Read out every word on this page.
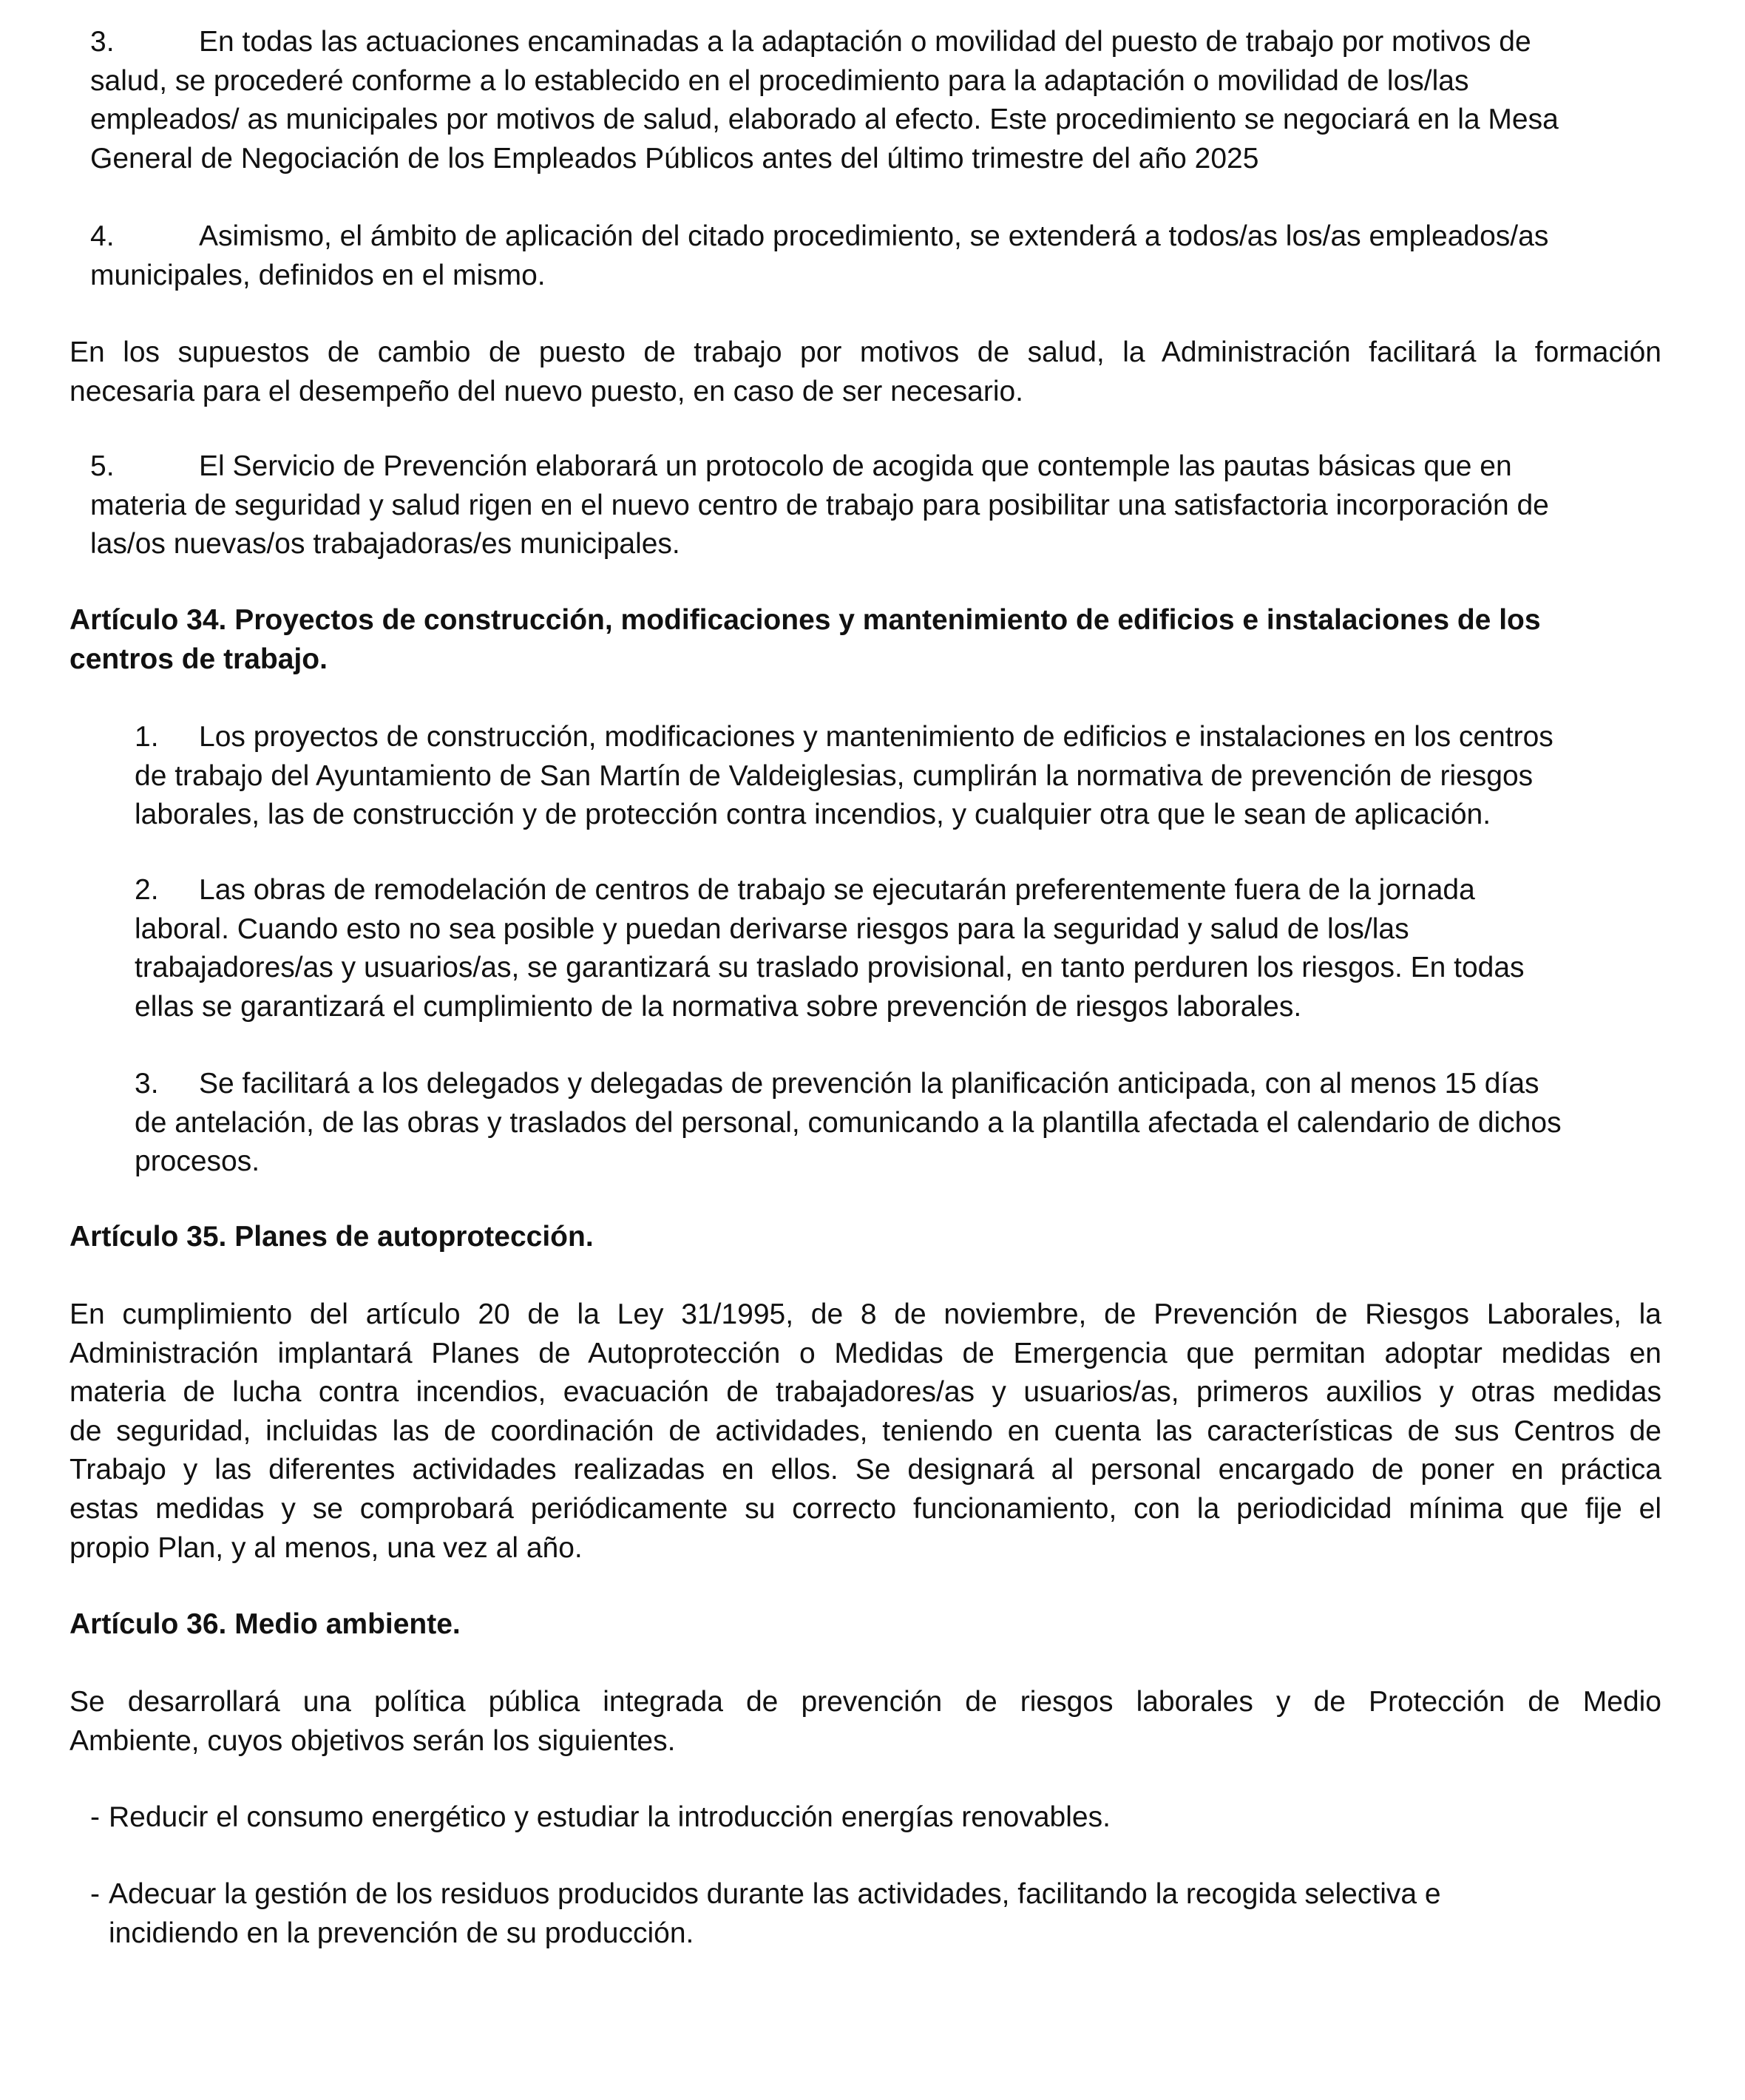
3.	En todas las actuaciones encaminadas a la adaptación o movilidad del puesto de trabajo por motivos de
salud, se procederé conforme a lo establecido en el procedimiento para la adaptación o movilidad de los/las
empleados/ as municipales por motivos de salud, elaborado al efecto. Este procedimiento se negociará en la Mesa
General de Negociación de los Empleados Públicos antes del último trimestre del año 2025
4.	Asimismo, el ámbito de aplicación del citado procedimiento, se extenderá a todos/as los/as empleados/as
municipales, definidos en el mismo.
En los supuestos de cambio de puesto de trabajo por motivos de salud, la Administración facilitará la formación
necesaria para el desempeño del nuevo puesto, en caso de ser necesario.
5.	El Servicio de Prevención elaborará un protocolo de acogida que contemple las pautas básicas que en
materia de seguridad y salud rigen en el nuevo centro de trabajo para posibilitar una satisfactoria incorporación de
las/os nuevas/os trabajadoras/es municipales.
Artículo 34. Proyectos de construcción, modificaciones y mantenimiento de edificios e instalaciones de los
centros de trabajo.
1. Los proyectos de construcción, modificaciones y mantenimiento de edificios e instalaciones en los centros
de trabajo del Ayuntamiento de San Martín de Valdeiglesias, cumplirán la normativa de prevención de riesgos
laborales, las de construcción y de protección contra incendios, y cualquier otra que le sean de aplicación.
2. Las obras de remodelación de centros de trabajo se ejecutarán preferentemente fuera de la jornada
laboral. Cuando esto no sea posible y puedan derivarse riesgos para la seguridad y salud de los/las
trabajadores/as y usuarios/as, se garantizará su traslado provisional, en tanto perduren los riesgos. En todas
ellas se garantizará el cumplimiento de la normativa sobre prevención de riesgos laborales.
3. Se facilitará a los delegados y delegadas de prevención la planificación anticipada, con al menos 15 días
de antelación, de las obras y traslados del personal, comunicando a la plantilla afectada el calendario de dichos
procesos.
Artículo 35. Planes de autoprotección.
En cumplimiento del artículo 20 de la Ley 31/1995, de 8 de noviembre, de Prevención de Riesgos Laborales, la
Administración implantará Planes de Autoprotección o Medidas de Emergencia que permitan adoptar medidas en
materia de lucha contra incendios, evacuación de trabajadores/as y usuarios/as, primeros auxilios y otras medidas
de seguridad, incluidas las de coordinación de actividades, teniendo en cuenta las características de sus Centros de
Trabajo y las diferentes actividades realizadas en ellos. Se designará al personal encargado de poner en práctica
estas medidas y se comprobará periódicamente su correcto funcionamiento, con la periodicidad mínima que fije el
propio Plan, y al menos, una vez al año.
Artículo 36. Medio ambiente.
Se desarrollará una política pública integrada de prevención de riesgos laborales y de Protección de Medio
Ambiente, cuyos objetivos serán los siguientes.
- Reducir el consumo energético y estudiar la introducción energías renovables.
- Adecuar la gestión de los residuos producidos durante las actividades, facilitando la recogida selectiva e
incidiendo en la prevención de su producción.
